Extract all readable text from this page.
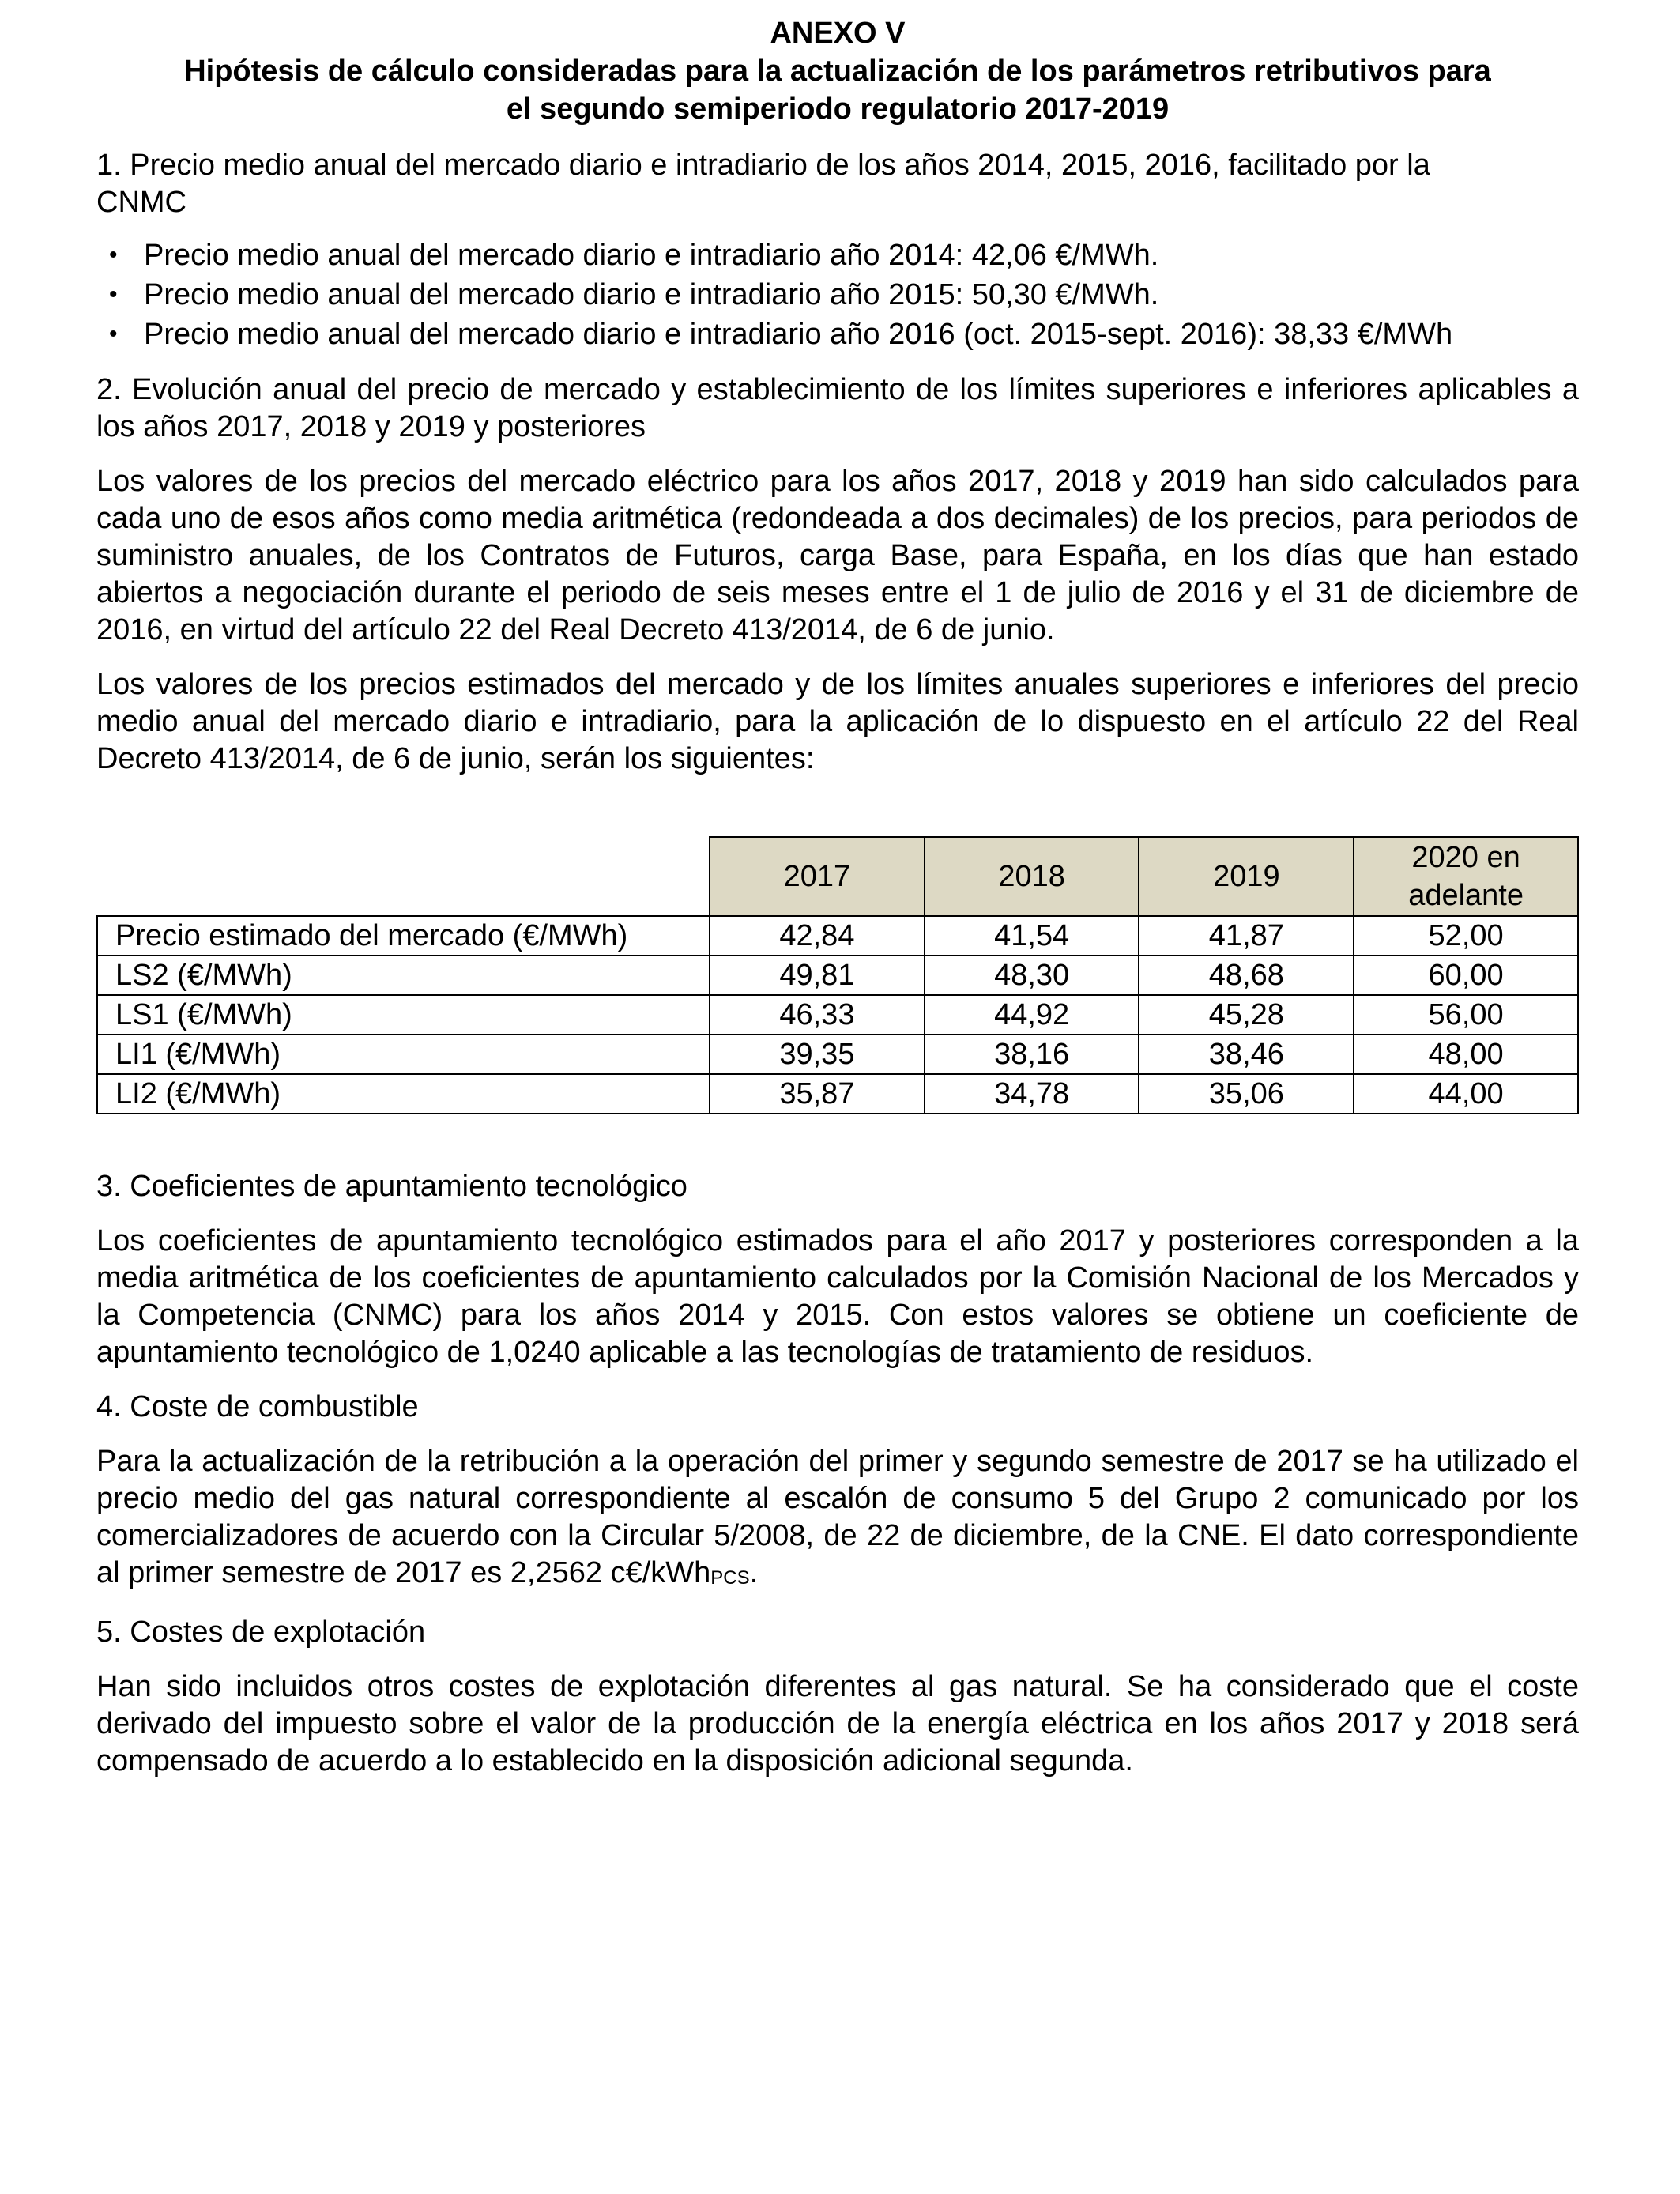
ANEXO V

Hipótesis de cálculo consideradas para la actualización de los parámetros retributivos para

el segundo semiperiodo regulatorio 2017-2019

1. Precio medio anual del mercado diario e intradiario de los años 2014, 2015, 2016, facilitado por la

CNMC

• Precio medio anual del mercado diario e intradiario año 2014: 42,06 €/MWh.
• Precio medio anual del mercado diario e intradiario año 2015: 50,30 €/MWh.
• Precio medio anual del mercado diario e intradiario año 2016 (oct. 2015-sept. 2016): 38,33 €/MWh

2. Evolución anual del precio de mercado y establecimiento de los límites superiores e inferiores aplicables a los años 2017, 2018 y 2019 y posteriores

Los valores de los precios del mercado eléctrico para los años 2017, 2018 y 2019 han sido calculados para cada uno de esos años como media aritmética (redondeada a dos decimales) de los precios, para periodos de suministro anuales, de los Contratos de Futuros, carga Base, para España, en los días que han estado abiertos a negociación durante el periodo de seis meses entre el 1 de julio de 2016 y el 31 de diciembre de 2016, en virtud del artículo 22 del Real Decreto 413/2014, de 6 de junio.

Los valores de los precios estimados del mercado y de los límites anuales superiores e inferiores del precio medio anual del mercado diario e intradiario, para la aplicación de lo dispuesto en el artículo 22 del Real Decreto 413/2014, de 6 de junio, serán los siguientes:

	2017	2018	2019	2020 en adelante
Precio estimado del mercado (€/MWh)	42,84	41,54	41,87	52,00
LS2 (€/MWh)	49,81	48,30	48,68	60,00
LS1 (€/MWh)	46,33	44,92	45,28	56,00
LI1 (€/MWh)	39,35	38,16	38,46	48,00
LI2 (€/MWh)	35,87	34,78	35,06	44,00

3. Coeficientes de apuntamiento tecnológico

Los coeficientes de apuntamiento tecnológico estimados para el año 2017 y posteriores corresponden a la media aritmética de los coeficientes de apuntamiento calculados por la Comisión Nacional de los Mercados y la Competencia (CNMC) para los años 2014 y 2015. Con estos valores se obtiene un coeficiente de apuntamiento tecnológico de 1,0240 aplicable a las tecnologías de tratamiento de residuos.

4. Coste de combustible

Para la actualización de la retribución a la operación del primer y segundo semestre de 2017 se ha utilizado el precio medio del gas natural correspondiente al escalón de consumo 5 del Grupo 2 comunicado por los comercializadores de acuerdo con la Circular 5/2008, de 22 de diciembre, de la CNE. El dato correspondiente al primer semestre de 2017 es 2,2562 c€/kWh$_{PCS}$.

5. Costes de explotación

Han sido incluidos otros costes de explotación diferentes al gas natural. Se ha considerado que el coste derivado del impuesto sobre el valor de la producción de la energía eléctrica en los años 2017 y 2018 será compensado de acuerdo a lo establecido en la disposición adicional segunda.
